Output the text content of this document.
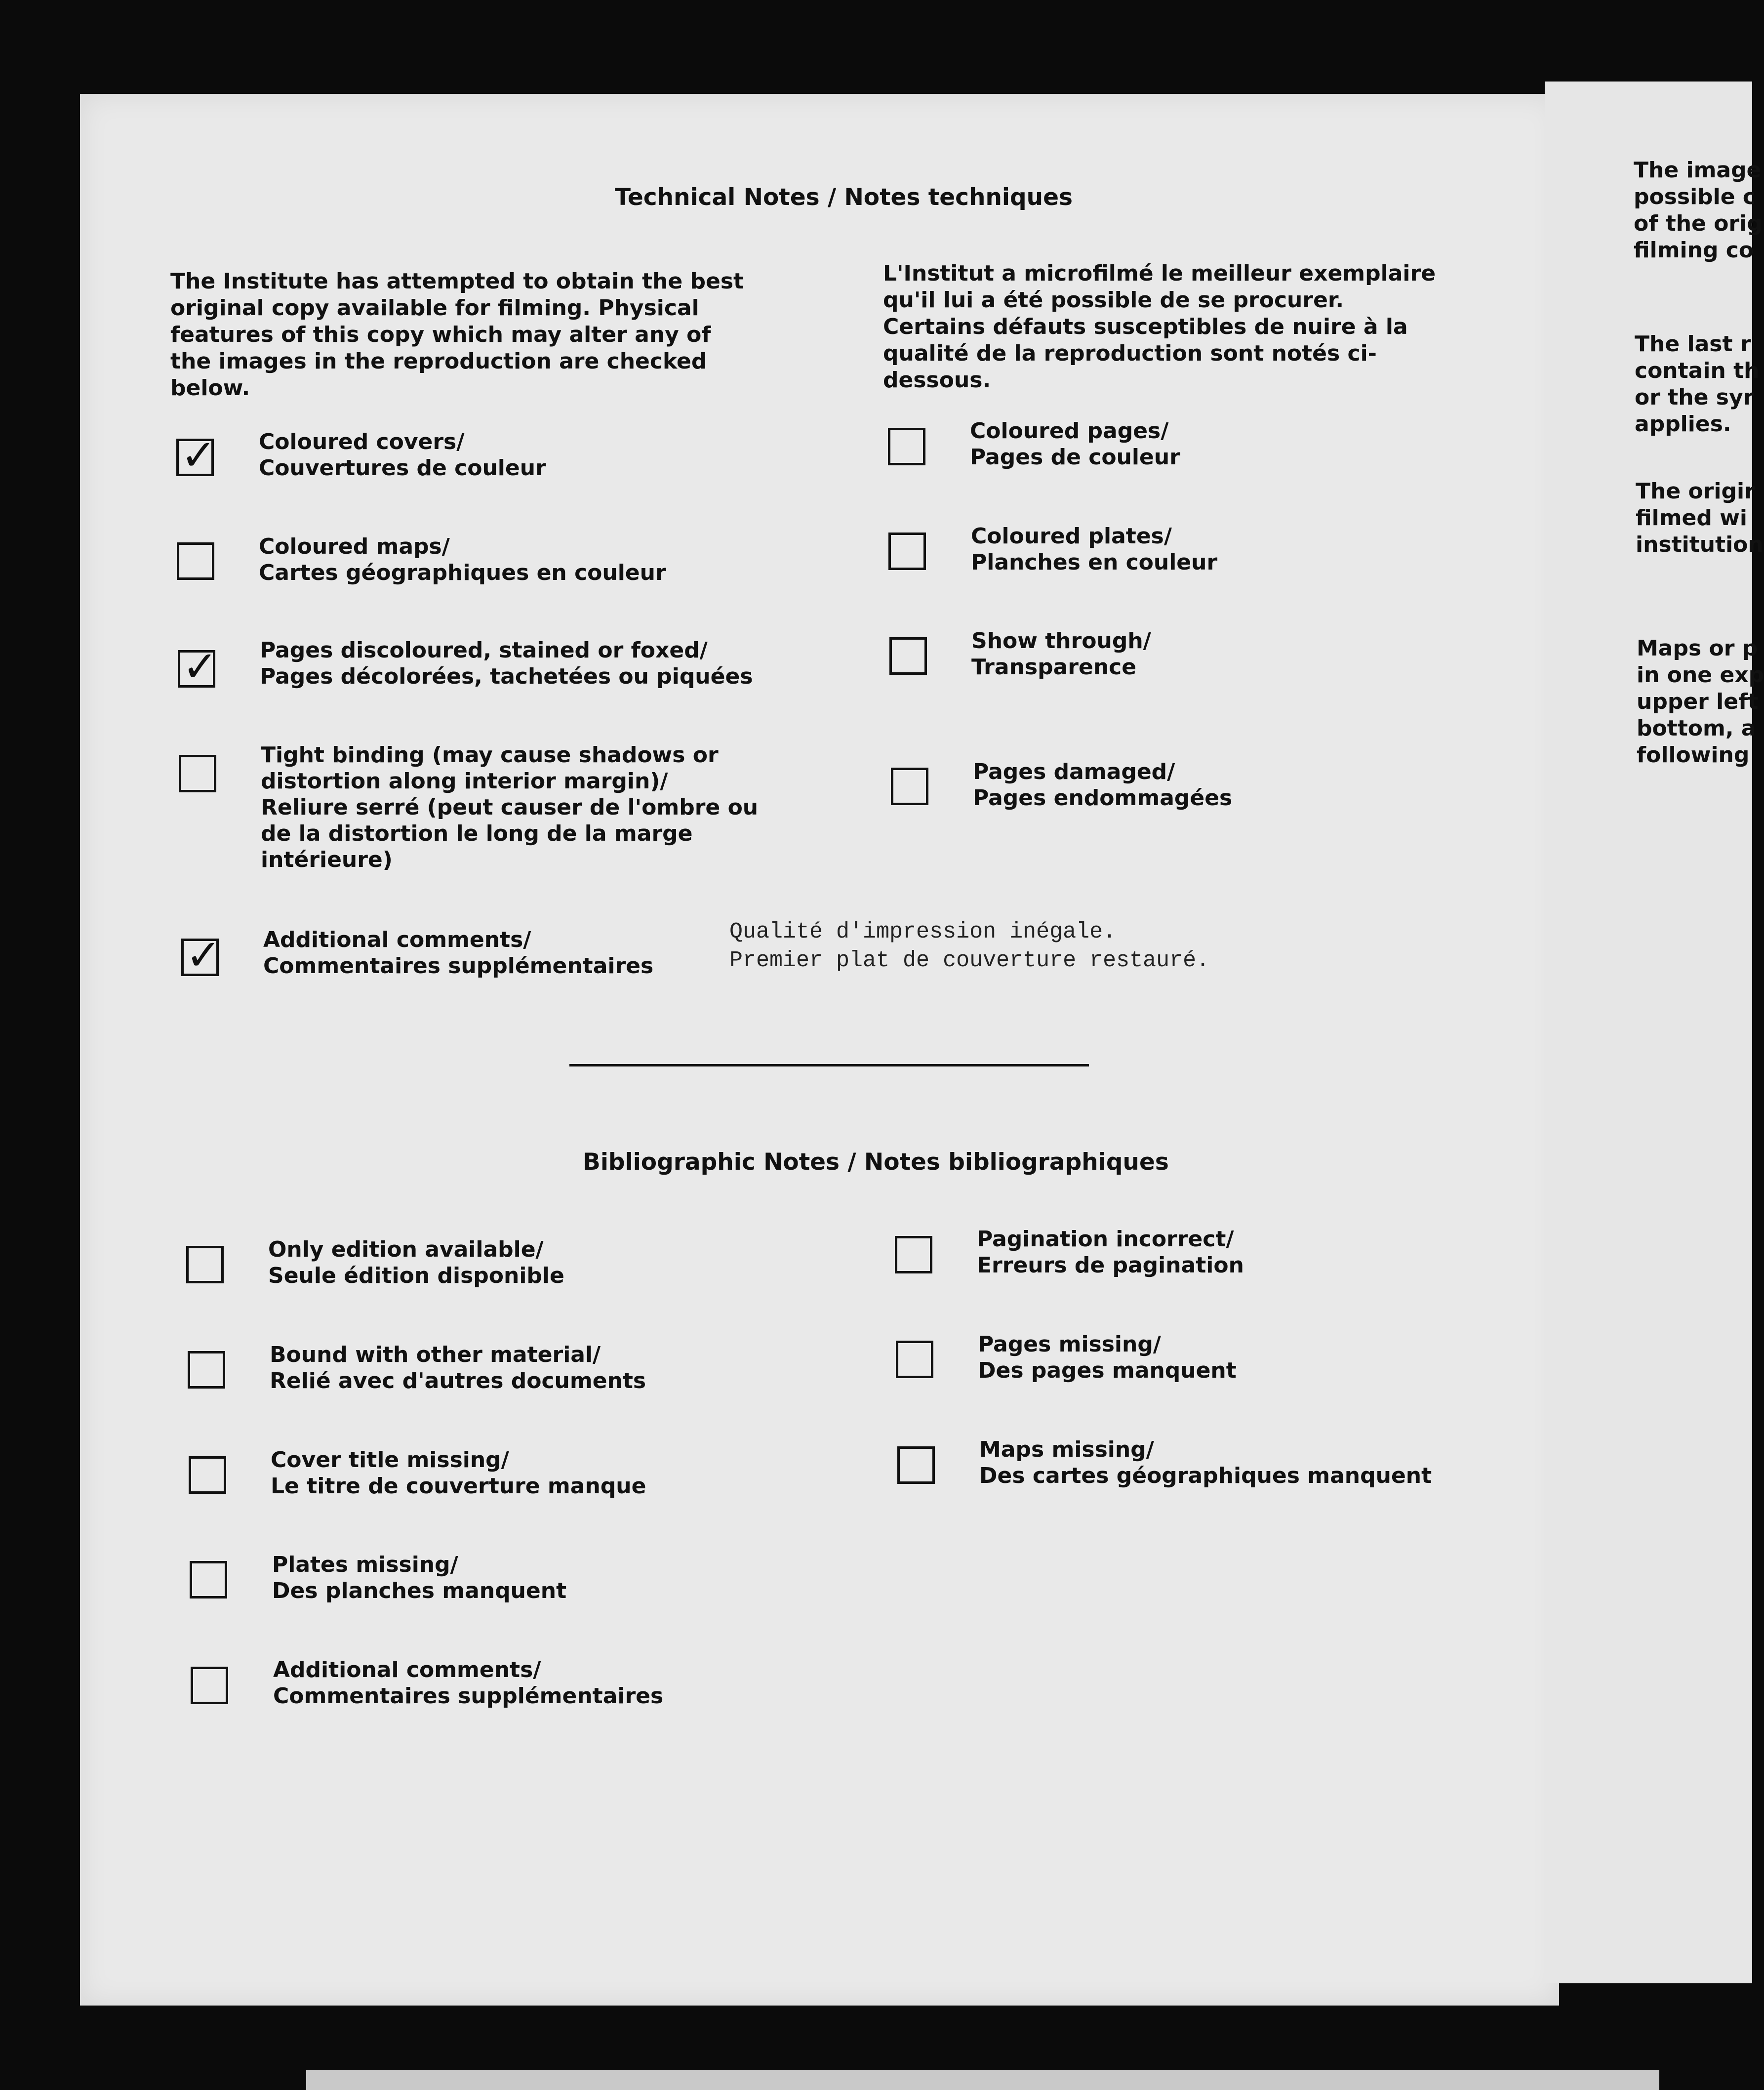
Technical Notes / Notes techniques
The Institute has attempted to obtain the best original copy available for filming. Physical features of this copy which may alter any of the images in the reproduction are checked below.
L'Institut a microfilmé le meilleur exemplaire qu'il lui a été possible de se procurer. Certains défauts susceptibles de nuire à la qualité de la reproduction sont notés ci-dessous.
✓ Coloured covers/
Couvertures de couleur
Coloured maps/
Cartes géographiques en couleur
✓ Pages discoloured, stained or foxed/
Pages décolorées, tachetées ou piquées
Tight binding (may cause shadows or
distortion along interior margin)/
Reliure serré (peut causer de l'ombre ou
de la distortion le long de la marge
intérieure)
Coloured pages/
Pages de couleur
Coloured plates/
Planches en couleur
Show through/
Transparence
Pages damaged/
Pages endommagées
✓ Additional comments/
Commentaires supplémentaires
Qualité d'impression inégale.
Premier plat de couverture restauré.
Bibliographic Notes / Notes bibliographiques
Only edition available/
Seule édition disponible
Bound with other material/
Relié avec d'autres documents
Cover title missing/
Le titre de couverture manque
Plates missing/
Des planches manquent
Additional comments/
Commentaires supplémentaires
Pagination incorrect/
Erreurs de pagination
Pages missing/
Des pages manquent
Maps missing/
Des cartes géographiques manquent
The image
possible c
of the orig
filming co
The last r
contain th
or the syr
applies.
The origir
filmed wi
institution
Maps or p
in one exp
upper left
bottom, a
following
